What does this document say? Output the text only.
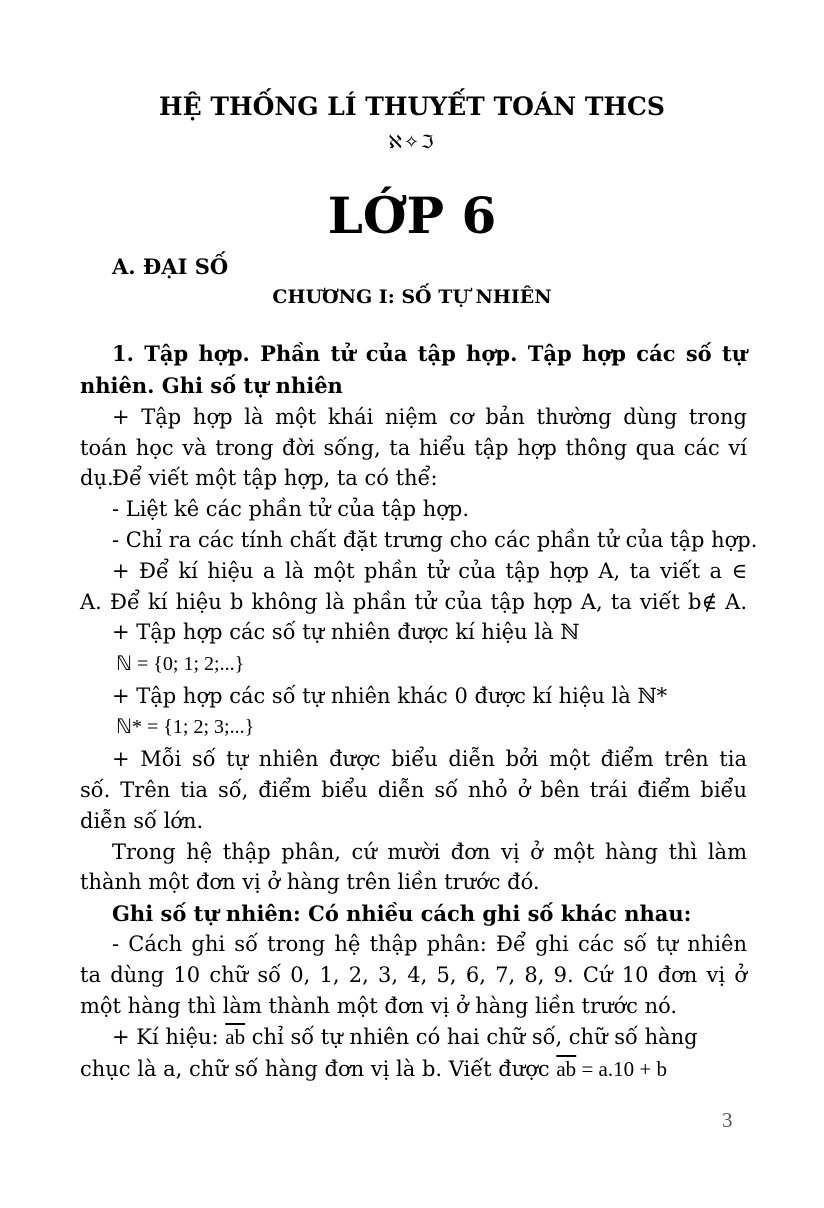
HỆ THỐNG LÍ THUYẾT TOÁN THCS
ℵ✧ℑ
LỚP 6
A. ĐẠI SỐ
CHƯƠNG I: SỐ TỰ NHIÊN
1. Tập hợp. Phần tử của tập hợp. Tập hợp các số tự
nhiên. Ghi số tự nhiên
+ Tập hợp là một khái niệm cơ bản thường dùng trong
toán học và trong đời sống, ta hiểu tập hợp thông qua các ví dụ.
Để viết một tập hợp, ta có thể:
- Liệt kê các phần tử của tập hợp.
- Chỉ ra các tính chất đặt trưng cho các phần tử của tập hợp.
+ Để kí hiệu a là một phần tử của tập hợp A, ta viết a ∈
A. Để kí hiệu b không là phần tử của tập hợp A, ta viết b∉ A.
+ Tập hợp các số tự nhiên được kí hiệu là ℕ
ℕ = {0; 1; 2;...}
+ Tập hợp các số tự nhiên khác 0 được kí hiệu là ℕ*
ℕ* = {1; 2; 3;...}
+ Mỗi số tự nhiên được biểu diễn bởi một điểm trên tia
số. Trên tia số, điểm biểu diễn số nhỏ ở bên trái điểm biểu
diễn số lớn.
Trong hệ thập phân, cứ mười đơn vị ở một hàng thì làm
thành một đơn vị ở hàng trên liền trước đó.
Ghi số tự nhiên: Có nhiều cách ghi số khác nhau:
- Cách ghi số trong hệ thập phân: Để ghi các số tự nhiên
ta dùng 10 chữ số 0, 1, 2, 3, 4, 5, 6, 7, 8, 9. Cứ 10 đơn vị ở
một hàng thì làm thành một đơn vị ở hàng liền trước nó.
+ Kí hiệu: $\overline{ab}$ chỉ số tự nhiên có hai chữ số, chữ số hàng
chục là a, chữ số hàng đơn vị là b. Viết được $\overline{ab} = a.10 + b$
3
